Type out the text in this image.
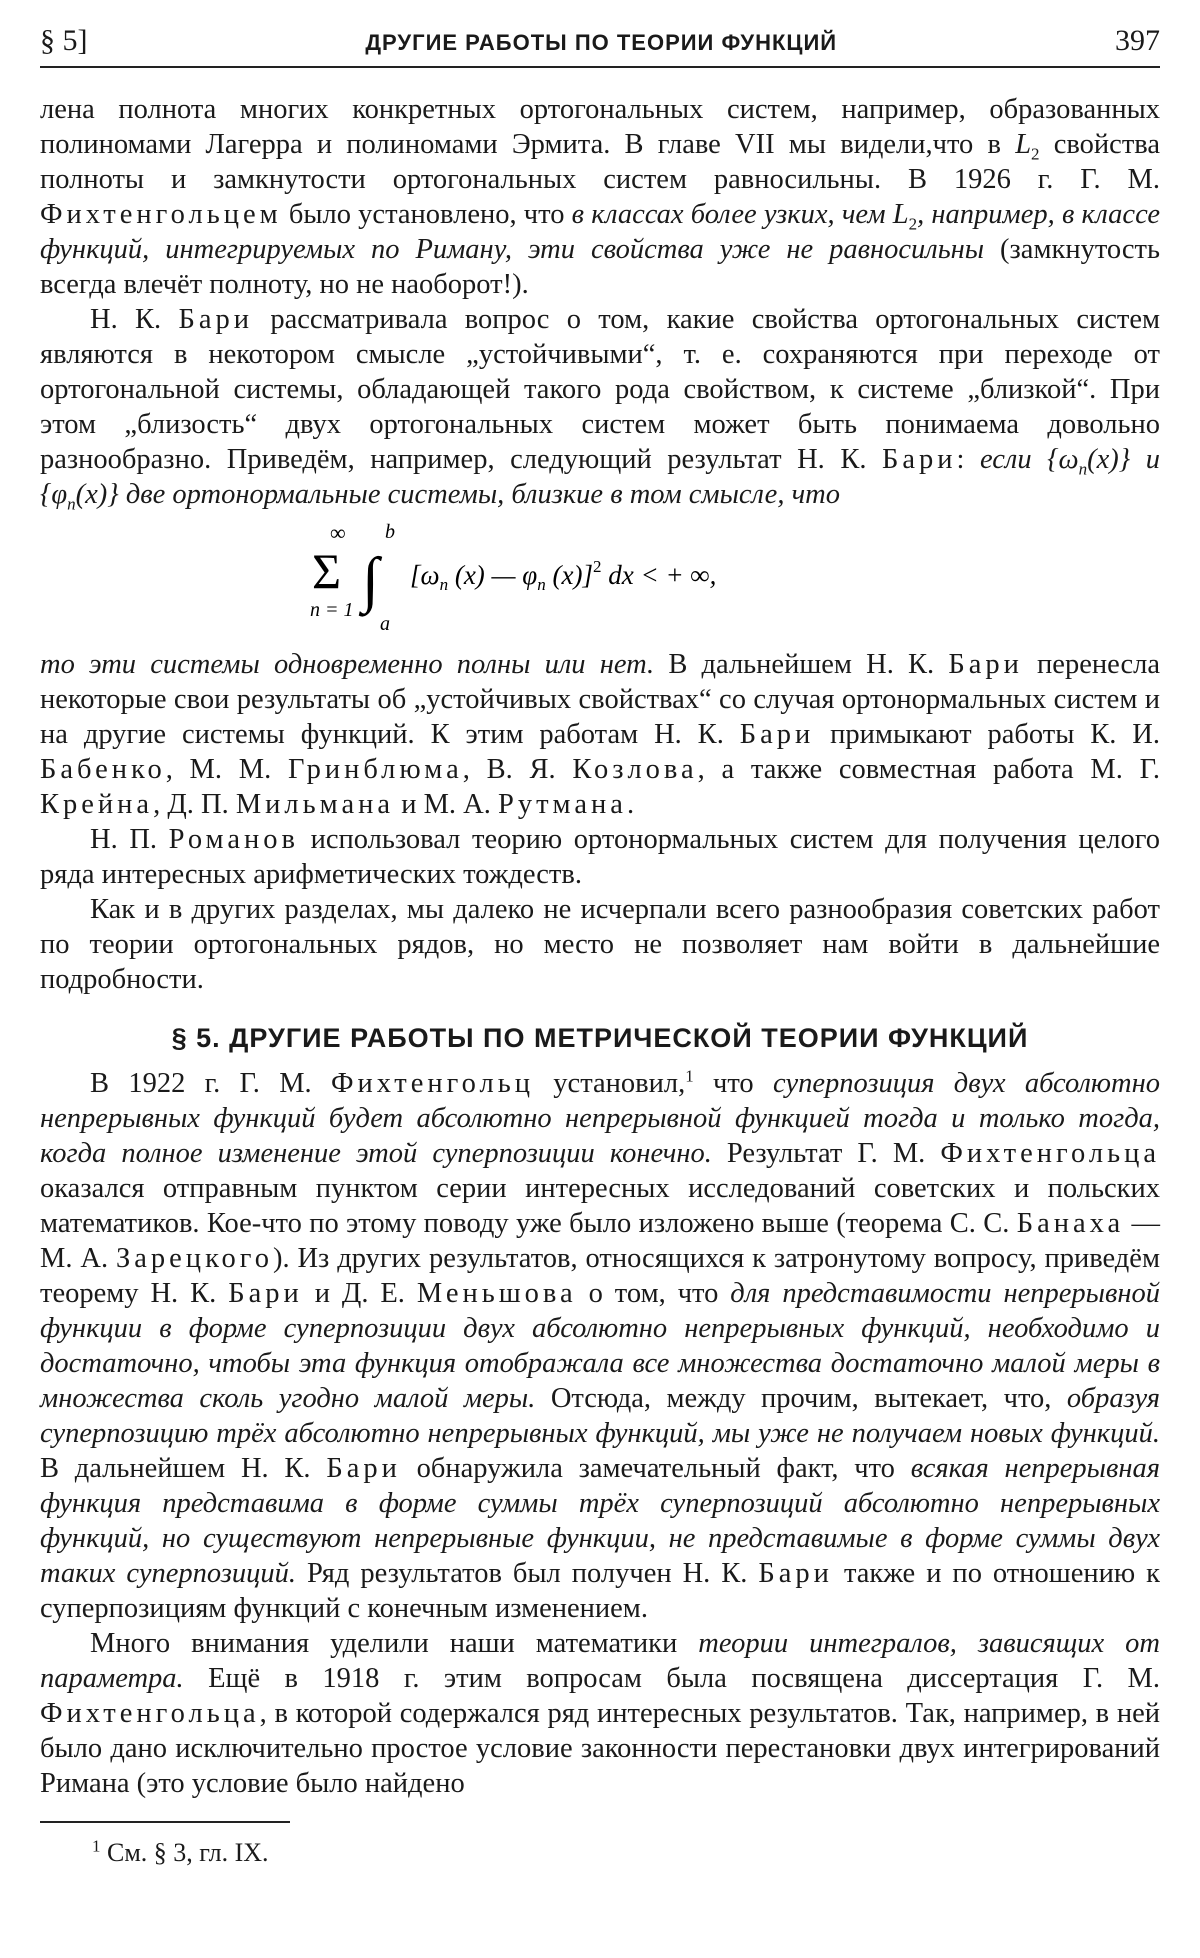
§ 5]	ДРУГИЕ РАБОТЫ ПО ТЕОРИИ ФУНКЦИЙ	397

лена полнота многих конкретных ортогональных систем, например, образованных полиномами Лагерра и полиномами Эрмита. В главе VII мы видели,что в $L_2$ свойства полноты и замкнутости ортогональных систем равносильны. В 1926 г. Г. М. Фихтенгольцем было установлено, что в классах более узких, чем $L_2$, например, в классе функций, интегрируемых по Риману, эти свойства уже не равносильны (замкнутость всегда влечёт полноту, но не наоборот!).

Н. К. Бари рассматривала вопрос о том, какие свойства ортогональных систем являются в некотором смысле „устойчивыми“, т. е. сохраняются при переходе от ортогональной системы, обладающей такого рода свойством, к системе „близкой“. При этом „близость“ двух ортогональных систем может быть понимаема довольно разнообразно. Приведём, например, следующий результат Н. К. Бари: если $\{\omega_n(x)\}$ и $\{\varphi_n(x)\}$ две ортонормальные системы, близкие в том смысле, что

∞
Σ
n = 1
b
∫
a
[$\omega_n$ (x) — $\varphi_n$ (x)]$^2$ dx < + ∞,

то эти системы одновременно полны или нет. В дальнейшем Н. К. Бари перенесла некоторые свои результаты об „устойчивых свойствах“ со случая ортонормальных систем и на другие системы функций. К этим работам Н. К. Бари примыкают работы К. И. Бабенко, М. М. Гринблюма, В. Я. Козлова, а также совместная работа М. Г. Крейна, Д. П. Мильмана и М. А. Рутмана.

Н. П. Романов использовал теорию ортонормальных систем для получения целого ряда интересных арифметических тождеств.

Как и в других разделах, мы далеко не исчерпали всего разнообразия советских работ по теории ортогональных рядов, но место не позволяет нам войти в дальнейшие подробности.

§ 5. ДРУГИЕ РАБОТЫ ПО МЕТРИЧЕСКОЙ ТЕОРИИ ФУНКЦИЙ

В 1922 г. Г. М. Фихтенгольц установил,$^1$ что суперпозиция двух абсолютно непрерывных функций будет абсолютно непрерывной функцией тогда и только тогда, когда полное изменение этой суперпозиции конечно. Результат Г. М. Фихтенгольца оказался отправным пунктом серии интересных исследований советских и польских математиков. Кое-что по этому поводу уже было изложено выше (теорема С. С. Банаха — М. А. Зарецкого). Из других результатов, относящихся к затронутому вопросу, приведём теорему Н. К. Бари и Д. Е. Меньшова о том, что для представимости непрерывной функции в форме суперпозиции двух абсолютно непрерывных функций, необходимо и достаточно, чтобы эта функция отображала все множества достаточно малой меры в множества сколь угодно малой меры. Отсюда, между прочим, вытекает, что, образуя суперпозицию трёх абсолютно непрерывных функций, мы уже не получаем новых функций. В дальнейшем Н. К. Бари обнаружила замечательный факт, что всякая непрерывная функция представима в форме суммы трёх суперпозиций абсолютно непрерывных функций, но существуют непрерывные функции, не представимые в форме суммы двух таких суперпозиций. Ряд результатов был получен Н. К. Бари также и по отношению к суперпозициям функций с конечным изменением.

Много внимания уделили наши математики теории интегралов, зависящих от параметра. Ещё в 1918 г. этим вопросам была посвящена диссертация Г. М. Фихтенгольца, в которой содержался ряд интересных результатов. Так, например, в ней было дано исключительно простое условие законности перестановки двух интегрирований Римана (это условие было найдено

$^1$ См. § 3, гл. IX.
